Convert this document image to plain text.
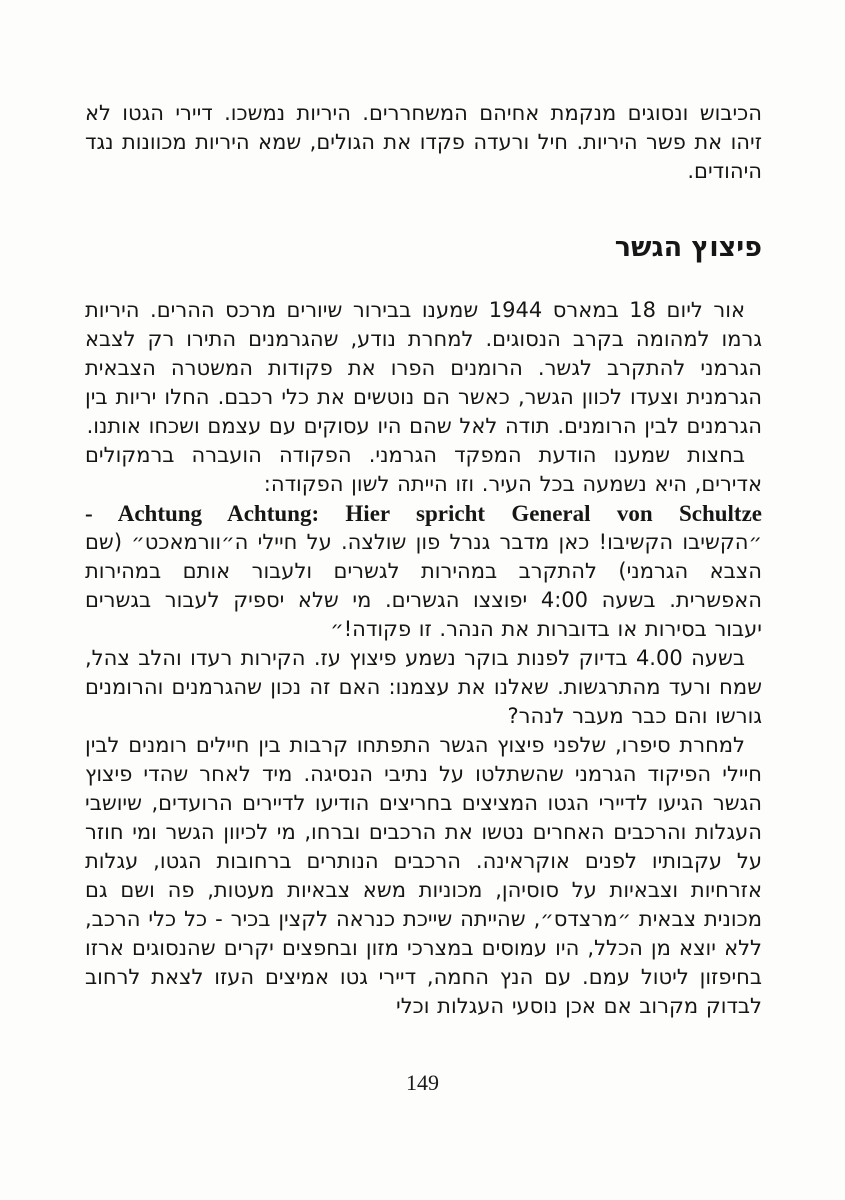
הכיבוש ונסוגים מנקמת אחיהם המשחררים. היריות נמשכו. דיירי הגטו לא זיהו את פשר היריות. חיל ורעדה פקדו את הגולים, שמא היריות מכוונות נגד היהודים.

פיצוץ הגשר

אור ליום 18 במארס 1944 שמענו בבירור שיורים מרכס ההרים. היריות גרמו למהומה בקרב הנסוגים. למחרת נודע, שהגרמנים התירו רק לצבא הגרמני להתקרב לגשר. הרומנים הפרו את פקודות המשטרה הצבאית הגרמנית וצעדו לכוון הגשר, כאשר הם נוטשים את כלי רכבם. החלו יריות בין הגרמנים לבין הרומנים. תודה לאל שהם היו עסוקים עם עצמם ושכחו אותנו.

בחצות שמענו הודעת המפקד הגרמני. הפקודה הועברה ברמקולים אדירים, היא נשמעה בכל העיר. וזו הייתה לשון הפקודה:

- Achtung Achtung: Hier spricht General von Schultze

״הקשיבו הקשיבו! כאן מדבר גנרל פון שולצה. על חיילי ה״וורמאכט״ (שם הצבא הגרמני) להתקרב במהירות לגשרים ולעבור אותם במהירות האפשרית. בשעה 4:00 יפוצצו הגשרים. מי שלא יספיק לעבור בגשרים יעבור בסירות או בדוברות את הנהר. זו פקודה!״

בשעה 4.00 בדיוק לפנות בוקר נשמע פיצוץ עז. הקירות רעדו והלב צהל, שמח ורעד מהתרגשות. שאלנו את עצמנו: האם זה נכון שהגרמנים והרומנים גורשו והם כבר מעבר לנהר?

למחרת סיפרו, שלפני פיצוץ הגשר התפתחו קרבות בין חיילים רומנים לבין חיילי הפיקוד הגרמני שהשתלטו על נתיבי הנסיגה. מיד לאחר שהדי פיצוץ הגשר הגיעו לדיירי הגטו המציצים בחריצים הודיעו לדיירים הרועדים, שיושבי העגלות והרכבים האחרים נטשו את הרכבים וברחו, מי לכיוון הגשר ומי חוזר על עקבותיו לפנים אוקראינה. הרכבים הנותרים ברחובות הגטו, עגלות אזרחיות וצבאיות על סוסיהן, מכוניות משא צבאיות מעטות, פה ושם גם מכונית צבאית ״מרצדס״, שהייתה שייכת כנראה לקצין בכיר - כל כלי הרכב, ללא יוצא מן הכלל, היו עמוסים במצרכי מזון ובחפצים יקרים שהנסוגים ארזו בחיפזון ליטול עמם. עם הנץ החמה, דיירי גטו אמיצים העזו לצאת לרחוב לבדוק מקרוב אם אכן נוסעי העגלות וכלי

149
